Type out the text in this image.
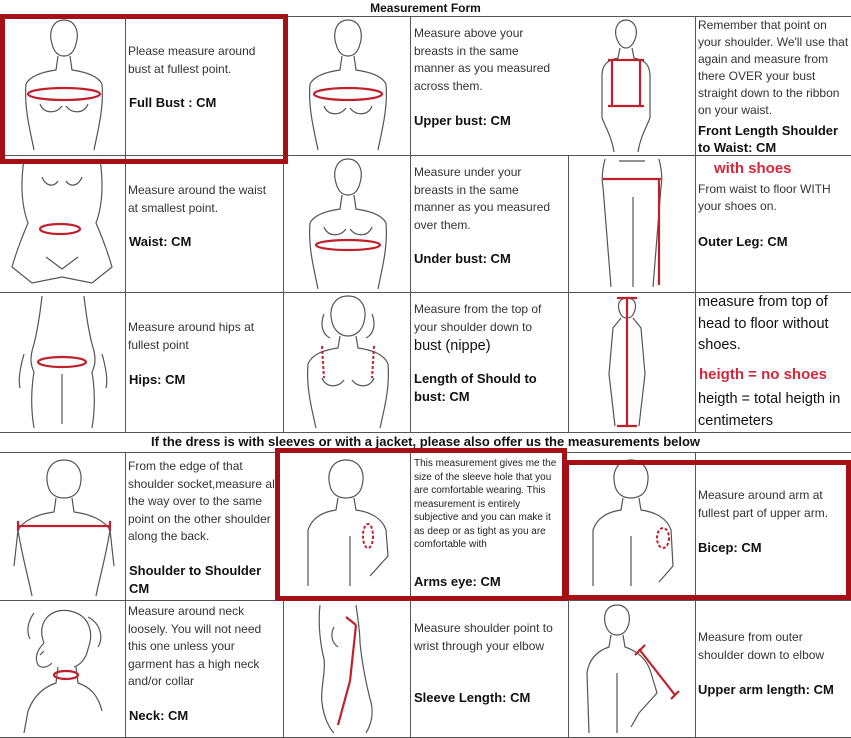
Measurement Form
If the dress is with sleeves or with a jacket, please also offer us the measurements below
Please measure around bust at fullest point.
Full Bust : CM
Measure above your breasts in the same manner as you measured across them.
Upper bust: CM
Remember that point on your shoulder. We'll use that again and measure from there OVER your bust straight down to the ribbon on your waist.
Front Length Shoulder to Waist: CM
Measure around the waist at smallest point.
Waist: CM
Measure under your breasts in the same manner as you measured over them.
Under bust: CM
with shoes
From waist to floor WITH your shoes on.
Outer Leg: CM
Measure around hips at fullest point
Hips: CM
Measure from the top of your shoulder down to
bust (nippe)
Length of Should to bust: CM
measure from top of head to floor without shoes.
heigth = no shoes
heigth = total heigth in centimeters
From the edge of that shoulder socket,measure all the way over to the same point on the other shoulder along the back.
Shoulder to Shoulder CM
This measurement gives me the size of the sleeve hole that you are comfortable wearing. This measurement is entirely subjective and you can make it as deep or as tight as you are comfortable with
Arms eye: CM
Measure around arm at fullest part of upper arm.
Bicep: CM
Measure around neck loosely. You will not need this one unless your garment has a high neck and/or collar
Neck: CM
Measure shoulder point to wrist through your elbow
Sleeve Length: CM
Measure from outer shoulder down to elbow
Upper arm length: CM
